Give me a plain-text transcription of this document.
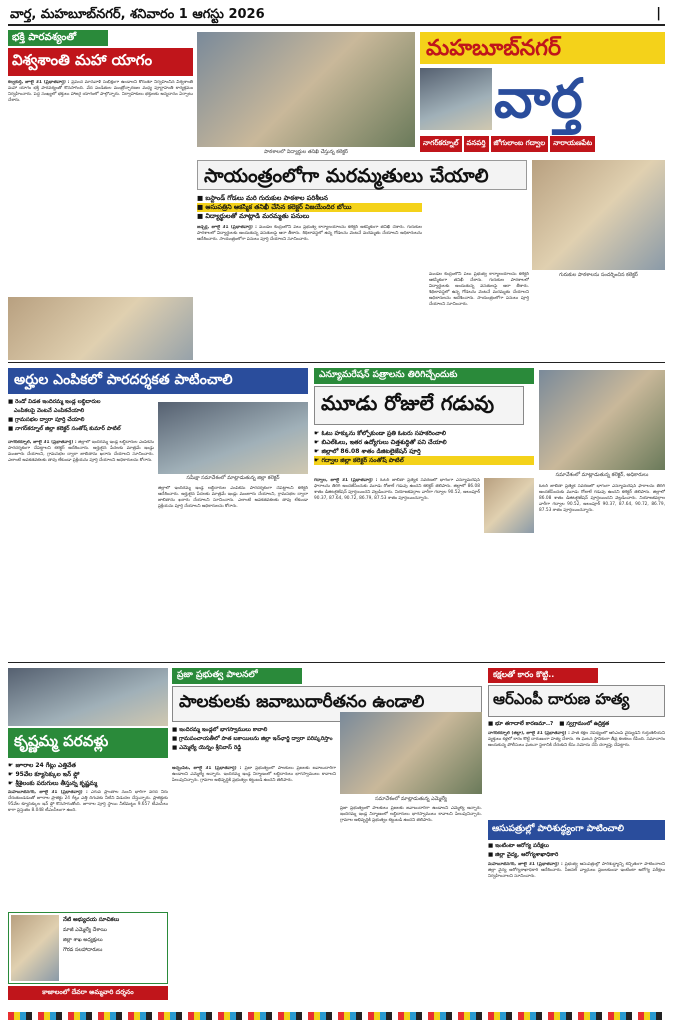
వార్త, మహబూబ్‌నగర్, శనివారం 1 ఆగస్టు 2026	|
భక్తి పారవశ్యంతో
విశ్వశాంతి మహా యాగం
కల్వకుర్తి, జూలై 31 (ప్రభాతవార్త) : ప్రపంచ మానవాళి సుభిక్షంగా ఉండాలని కోరుతూ నిర్వహించిన విశ్వశాంతి మహా యాగం భక్తి పారవశ్యంతో కొనసాగింది. వేద పండితుల మంత్రోచ్ఛారణల మధ్య పూర్ణాహుతి కార్యక్రమం నిర్వహించారు. పెద్ద సంఖ్యలో భక్తులు హాజరై యాగంలో పాల్గొన్నారు. నిర్వాహకులు భక్తులకు అన్నదానం ఏర్పాటు చేశారు.
పాఠశాలలో విద్యార్థుల తనిఖీ చేస్తున్న కలెక్టర్
మహబూబ్‌నగర్
వార్త
నాగర్‌కర్నూల్	వనపర్తి	జోగులాంబ గద్వాల	నారాయణపేట
సాయంత్రంలోగా మరమ్మతులు చేయాలి
■ బస్టాండ్ గోడలు మరి గురుకుల పాఠశాల పరిశీలన
■ ఆసుపత్రిని ఆకస్మిక తనిఖీ చేసిన కలెక్టర్ విజయేందిర బోయి
■ విద్యార్థులతో మాట్లాడి మరమ్మతు పనులు
జడ్చర్ల, జూలై 31 (ప్రభాతవార్త) : మండల కేంద్రంలోని పలు ప్రభుత్వ కార్యాలయాలను కలెక్టర్ ఆకస్మికంగా తనిఖీ చేశారు. గురుకుల పాఠశాలలో విద్యార్థులకు అందుతున్న వసతులపై ఆరా తీశారు. శిథిలావస్థలో ఉన్న గోడలను వెంటనే మరమ్మతు చేయాలని అధికారులను ఆదేశించారు. సాయంత్రంలోగా పనులు పూర్తి చేయాలని సూచించారు.
గురుకుల పాఠశాలను సందర్శించిన కలెక్టర్
మండల కేంద్రంలోని పలు ప్రభుత్వ కార్యాలయాలను కలెక్టర్ ఆకస్మికంగా తనిఖీ చేశారు. గురుకుల పాఠశాలలో విద్యార్థులకు అందుతున్న వసతులపై ఆరా తీశారు. శిథిలావస్థలో ఉన్న గోడలను వెంటనే మరమ్మతు చేయాలని అధికారులను ఆదేశించారు. సాయంత్రంలోగా పనులు పూర్తి చేయాలని సూచించారు.
అర్హుల ఎంపికలో పారదర్శకత పాటించాలి
■ రెండో విడత ఇందిరమ్మ ఇండ్ల లబ్ధిదారుల
ఎంపికలపై వెంటనే ఎంపికచేయాలి
■ గ్రామసభల ద్వారా పూర్తి చేయాలి
■ నాగర్‌కర్నూల్ జిల్లా కలెక్టర్ సంతోష్ కుమార్ పాటిల్
సమీక్షా సమావేశంలో మాట్లాడుతున్న జిల్లా కలెక్టర్
నాగర్‌కర్నూల్, జూలై 31 (ప్రభాతవార్త) : జిల్లాలో ఇందిరమ్మ ఇండ్ల లబ్ధిదారుల ఎంపికను పారదర్శకంగా చేపట్టాలని కలెక్టర్ ఆదేశించారు. అర్హులైన పేదలకు మాత్రమే ఇండ్లు మంజూరు చేయాలని, గ్రామసభల ద్వారా జాబితాను ఖరారు చేయాలని సూచించారు. ఎలాంటి అవకతవకలకు తావు లేకుండా ప్రక్రియను పూర్తి చేయాలని అధికారులను కోరారు.
జిల్లాలో ఇందిరమ్మ ఇండ్ల లబ్ధిదారుల ఎంపికను పారదర్శకంగా చేపట్టాలని కలెక్టర్ ఆదేశించారు. అర్హులైన పేదలకు మాత్రమే ఇండ్లు మంజూరు చేయాలని, గ్రామసభల ద్వారా జాబితాను ఖరారు చేయాలని సూచించారు. ఎలాంటి అవకతవకలకు తావు లేకుండా ప్రక్రియను పూర్తి చేయాలని అధికారులను కోరారు.
ఎన్యూమరేషన్ పత్రాలను తిరిగిచ్చేందుకు
మూడు రోజులే గడువు
☛ ఓటు హక్కును కోల్పోకుండా ప్రతి ఓటరు సహకరించాలి
☛ బిఎల్ఓలు, ఇతర ఉద్యోగులు చిత్తశుద్ధితో పని చేయాలి
☛ జిల్లాలో 86.08 శాతం డిజిటలైజేషన్ పూర్తి
☛ గద్వాల జిల్లా కలెక్టర్ సంతోష్ పాటిల్
సమావేశంలో మాట్లాడుతున్న కలెక్టర్, అధికారులు
గద్వాల, జూలై 31 (ప్రభాతవార్త) : ఓటర్ జాబితా ప్రత్యేక సవరణలో భాగంగా ఎన్యూమరేషన్ ఫారాలను తిరిగి అందజేసేందుకు మూడు రోజులే గడువు ఉందని కలెక్టర్ తెలిపారు. జిల్లాలో 86.08 శాతం డిజిటలైజేషన్ పూర్తయిందని వెల్లడించారు. నియోజకవర్గాల వారీగా గద్వాల 90.52, అలంపూర్ 90.37, 87.64, 90.72, 86.79, 87.53 శాతం పూర్తయిందన్నారు.
ఓటర్ జాబితా ప్రత్యేక సవరణలో భాగంగా ఎన్యూమరేషన్ ఫారాలను తిరిగి అందజేసేందుకు మూడు రోజులే గడువు ఉందని కలెక్టర్ తెలిపారు. జిల్లాలో 86.08 శాతం డిజిటలైజేషన్ పూర్తయిందని వెల్లడించారు. నియోజకవర్గాల వారీగా గద్వాల 90.52, అలంపూర్ 90.37, 87.64, 90.72, 86.79, 87.53 శాతం పూర్తయిందన్నారు.
కృష్ణమ్మ పరవళ్లు
☛ జూరాల 24 గేట్లు ఎత్తివేత
☛ 95వేల క్యూసెక్కుల ఇన్ ఫ్లో
☛ శ్రీశైలంకు పరుగులు తీస్తున్న కృష్ణమ్మ
మహబూబ్‌నగర్, జూలై 31 (ప్రభాతవార్త) : ఎగువ ప్రాంతాల నుంచి భారీగా వరద నీరు చేరుతుండడంతో జూరాల ప్రాజెక్టు 24 గేట్లు ఎత్తి దిగువకు నీటిని విడుదల చేస్తున్నారు. ప్రాజెక్టుకు 95వేల క్యూసెక్కుల ఇన్ ఫ్లో కొనసాగుతోంది. జూరాల పూర్తి స్థాయి నీటిమట్టం 9.657 టీఎంసీలు కాగా ప్రస్తుతం 8.048 టీఎంసీలుగా ఉంది.
నేటి అభ్యుదయ సూచికలు
మాజీ ఎమ్మెల్యే దేశాయి
జిల్లా శాఖ అధ్యక్షులు
గౌరవ సలహాదారులు
కాజాలంలో దేవరా అమ్మవారి దర్శనం
ప్రజా ప్రభుత్వ పాలనలో
పాలకులకు జవాబుదారీతనం ఉండాలి
■ ఇందిరమ్మ ఇండ్లలో భాగస్వాములు కావాలి
■ గ్రామపంచాయతీలో పాత బకాయిలను జిల్లా ఇన్‌ఛార్జి ద్వారా పరిష్కరిస్తాం
■ ఎమ్మెల్యే యెన్నం శ్రీనివాస్ రెడ్డి
సమావేశంలో మాట్లాడుతున్న ఎమ్మెల్యే
అచ్చంపేట, జూలై 31 (ప్రభాతవార్త) : ప్రజా ప్రభుత్వంలో పాలకులు ప్రజలకు జవాబుదారీగా ఉండాలని ఎమ్మెల్యే అన్నారు. ఇందిరమ్మ ఇండ్ల నిర్మాణంలో లబ్ధిదారులు భాగస్వాములు కావాలని పిలుపునిచ్చారు. గ్రామాల అభివృద్ధికి ప్రభుత్వం కట్టుబడి ఉందని తెలిపారు.
ప్రజా ప్రభుత్వంలో పాలకులు ప్రజలకు జవాబుదారీగా ఉండాలని ఎమ్మెల్యే అన్నారు. ఇందిరమ్మ ఇండ్ల నిర్మాణంలో లబ్ధిదారులు భాగస్వాములు కావాలని పిలుపునిచ్చారు. గ్రామాల అభివృద్ధికి ప్రభుత్వం కట్టుబడి ఉందని తెలిపారు.
కక్షలతో కారం కొట్టి..
ఆర్‌ఎంపీ దారుణ హత్య
■ భూ తగాదాలే కారణమా..? ■ స్వగ్రామంలో ఉద్రిక్తత
నాగర్‌కర్నూల్ (జిల్లా), జూలై 31 (ప్రభాతవార్త) : పాత కక్షల నేపథ్యంలో ఆర్‌ఎంపీ వైద్యుడిని గుర్తుతెలియని వ్యక్తులు కళ్లలో కారం కొట్టి దారుణంగా హత్య చేశారు. ఈ ఘటన స్థానికంగా తీవ్ర కలకలం రేపింది. సమాచారం అందుకున్న పోలీసులు ఘటనా స్థలానికి చేరుకుని కేసు నమోదు చేసి దర్యాప్తు చేపట్టారు.
ఆసుపత్రుల్లో పారిశుద్ధ్యంగా పాటించాలి
■ ఇంటింటా ఆరోగ్య పరీక్షలు
■ జిల్లా వైద్య, ఆరోగ్యశాఖాధికారి
మహబూబ్‌నగర్, జూలై 31 (ప్రభాతవార్త) : ప్రభుత్వ ఆసుపత్రుల్లో పారిశుద్ధ్యాన్ని కచ్చితంగా పాటించాలని జిల్లా వైద్య ఆరోగ్యశాఖాధికారి ఆదేశించారు. సీజనల్ వ్యాధులు ప్రబలకుండా ఇంటింటా ఆరోగ్య పరీక్షలు నిర్వహించాలని సూచించారు.
